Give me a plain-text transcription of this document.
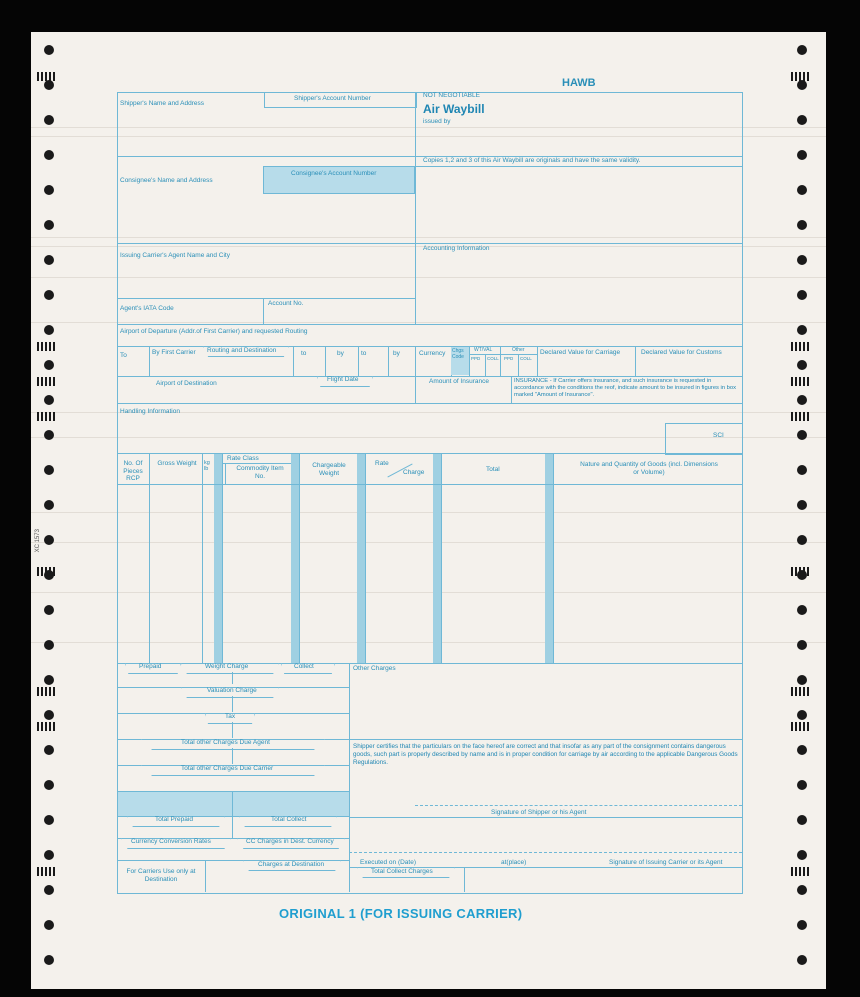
XC 1573
HAWB
Shipper's Name and Address
Shipper's Account Number	NOT NEGOTIABLE
Air Waybill
issued by
Copies 1,2 and 3 of this Air Waybill are originals and have the same validity.
Consignee's Name and Address
Consignee's Account Number
Issuing Carrier's Agent Name and City
Accounting Information
Agent's IATA Code
Account No.
Airport of Departure (Addr.of First Carrier) and requested Routing
To	By First Carrier Routing and Destination	to	by	to	by	Currency Chgs Code
WT/VAL	Other
PPD COLL PPD COLL
Declared Value for Carriage	Declared Value for Customs
Airport of Destination
Flight Date	Amount of Insurance	INSURANCE - If Carrier offers insurance, and such insurance is requested in accordance with the conditions the reof, indicate amount to be insured in figures in box marked "Amount of Insurance".
Handling Information
SCI
No. Of Pieces RCP
Gross Weight kg lb
Rate Class
Commodity Item No.
Chargeable Weight
Rate
Charge	Total
Nature and Quantity of Goods (incl. Dimensions or Volume)
Prepaid	Weight Charge	Collect	Other Charges
Valuation Charge
Tax
Total other Charges Due Agent
Shipper certifies that the particulars on the face hereof are correct and that insofar as any part of the consignment contains dangerous goods, such part is properly described by name and is in proper condition for carriage by air according to the applicable Dangerous Goods Regulations.
Total other Charges Due Carrier
Signature of Shipper or his Agent
Total Prepaid	Total Collect
Currency Conversion Rates	CC Charges in Dest. Currency
Executed on (Date)	at(place)	Signature of Issuing Carrier or its Agent
For Carriers Use only at Destination
Charges at Destination
Total Collect Charges
ORIGINAL 1 (FOR ISSUING CARRIER)
